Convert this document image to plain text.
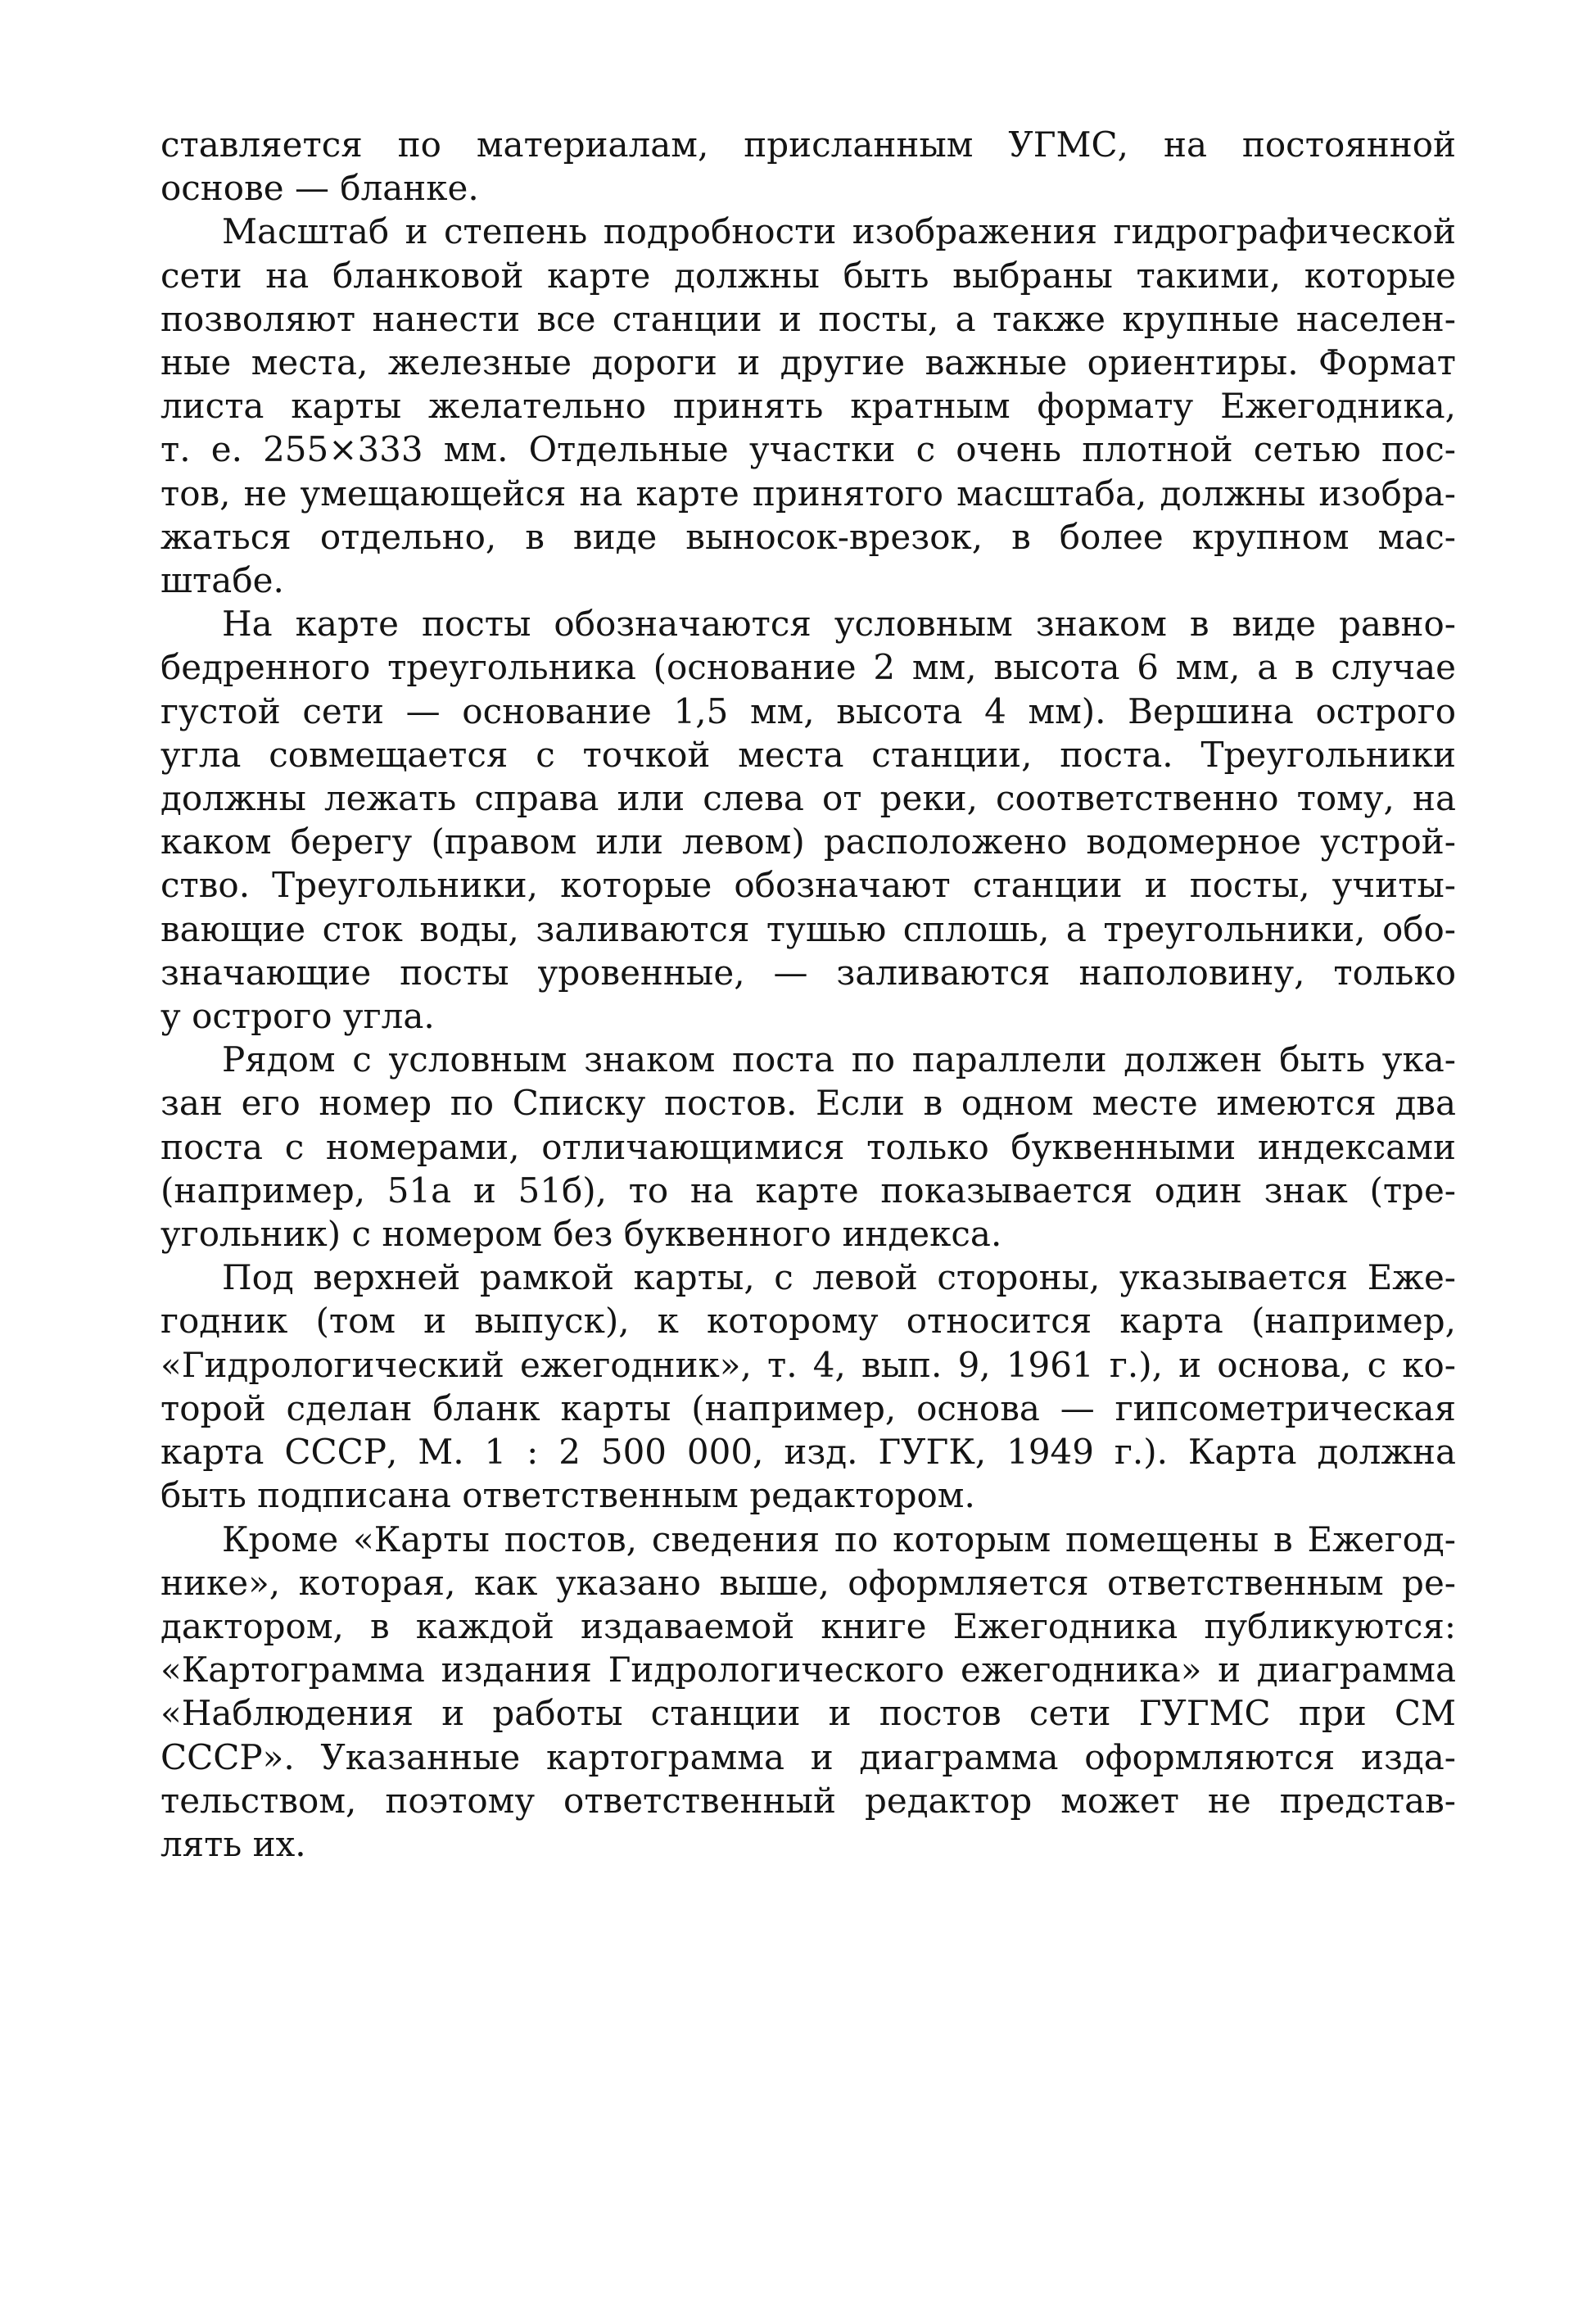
ставляется по материалам, присланным УГМС, на постоянной
основе — бланке.

Масштаб и степень подробности изображения гидрографической
сети на бланковой карте должны быть выбраны такими, которые
позволяют нанести все станции и посты, а также крупные населен-
ные места, железные дороги и другие важные ориентиры. Формат
листа карты желательно принять кратным формату Ежегодника,
т. е. 255×333 мм. Отдельные участки с очень плотной сетью пос-
тов, не умещающейся на карте принятого масштаба, должны изобра-
жаться отдельно, в виде выносок-врезок, в более крупном мас-
штабе.

На карте посты обозначаются условным знаком в виде равно-
бедренного треугольника (основание 2 мм, высота 6 мм, а в случае
густой сети — основание 1,5 мм, высота 4 мм). Вершина острого
угла совмещается с точкой места станции, поста. Треугольники
должны лежать справа или слева от реки, соответственно тому, на
каком берегу (правом или левом) расположено водомерное устрой-
ство. Треугольники, которые обозначают станции и посты, учиты-
вающие сток воды, заливаются тушью сплошь, а треугольники, обо-
значающие посты уровенные, — заливаются наполовину, только
у острого угла.

Рядом с условным знаком поста по параллели должен быть ука-
зан его номер по Списку постов. Если в одном месте имеются два
поста с номерами, отличающимися только буквенными индексами
(например, 51а и 51б), то на карте показывается один знак (тре-
угольник) с номером без буквенного индекса.

Под верхней рамкой карты, с левой стороны, указывается Еже-
годник (том и выпуск), к которому относится карта (например,
«Гидрологический ежегодник», т. 4, вып. 9, 1961 г.), и основа, с ко-
торой сделан бланк карты (например, основа — гипсометрическая
карта СССР, М. 1 : 2 500 000, изд. ГУГК, 1949 г.). Карта должна
быть подписана ответственным редактором.

Кроме «Карты постов, сведения по которым помещены в Ежегод-
нике», которая, как указано выше, оформляется ответственным ре-
дактором, в каждой издаваемой книге Ежегодника публикуются:
«Картограмма издания Гидрологического ежегодника» и диаграмма
«Наблюдения и работы станции и постов сети ГУГМС при СМ
СССР». Указанные картограмма и диаграмма оформляются изда-
тельством, поэтому ответственный редактор может не представ-
лять их.
